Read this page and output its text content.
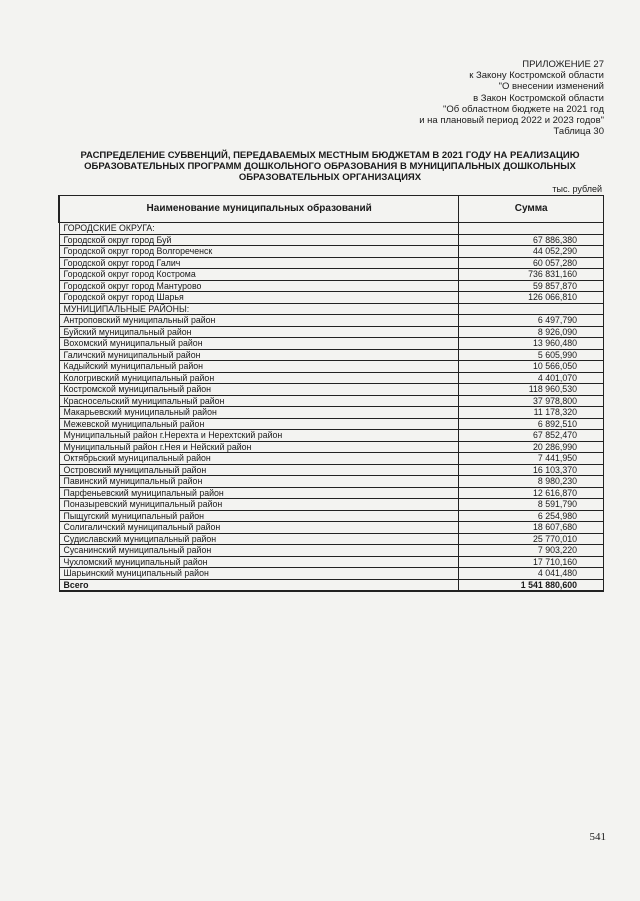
ПРИЛОЖЕНИЕ 27
к Закону Костромской области
"О внесении изменений
в Закон Костромской области
"Об областном бюджете на 2021 год
и на плановый период 2022 и 2023 годов"
Таблица 30
РАСПРЕДЕЛЕНИЕ СУБВЕНЦИЙ, ПЕРЕДАВАЕМЫХ МЕСТНЫМ БЮДЖЕТАМ В 2021 ГОДУ НА РЕАЛИЗАЦИЮ
ОБРАЗОВАТЕЛЬНЫХ ПРОГРАММ ДОШКОЛЬНОГО ОБРАЗОВАНИЯ В МУНИЦИПАЛЬНЫХ ДОШКОЛЬНЫХ
ОБРАЗОВАТЕЛЬНЫХ ОРГАНИЗАЦИЯХ
тыс. рублей
Наименование муниципальных образований	Сумма
ГОРОДСКИЕ ОКРУГА:	
Городской округ город Буй	67 886,380
Городской округ город Волгореченск	44 052,290
Городской округ город Галич	60 057,280
Городской округ город Кострома	736 831,160
Городской округ город Мантурово	59 857,870
Городской округ город Шарья	126 066,810
МУНИЦИПАЛЬНЫЕ РАЙОНЫ:	
Антроповский муниципальный район	6 497,790
Буйский муниципальный район	8 926,090
Вохомский муниципальный район	13 960,480
Галичский муниципальный район	5 605,990
Кадыйский муниципальный район	10 566,050
Кологривский муниципальный район	4 401,070
Костромской муниципальный район	118 960,530
Красносельский муниципальный район	37 978,800
Макарьевский муниципальный район	11 178,320
Межевской муниципальный район	6 892,510
Муниципальный район г.Нерехта и Нерехтский район	67 852,470
Муниципальный район г.Нея и Нейский район	20 286,990
Октябрьский муниципальный район	7 441,950
Островский муниципальный район	16 103,370
Павинский муниципальный район	8 980,230
Парфеньевский муниципальный район	12 616,870
Поназыревский муниципальный район	8 591,790
Пыщугский муниципальный район	6 254,980
Солигаличский муниципальный район	18 607,680
Судиславский муниципальный район	25 770,010
Сусанинский муниципальный район	7 903,220
Чухломский муниципальный район	17 710,160
Шарьинский муниципальный район	4 041,480
Всего	1 541 880,600
541
